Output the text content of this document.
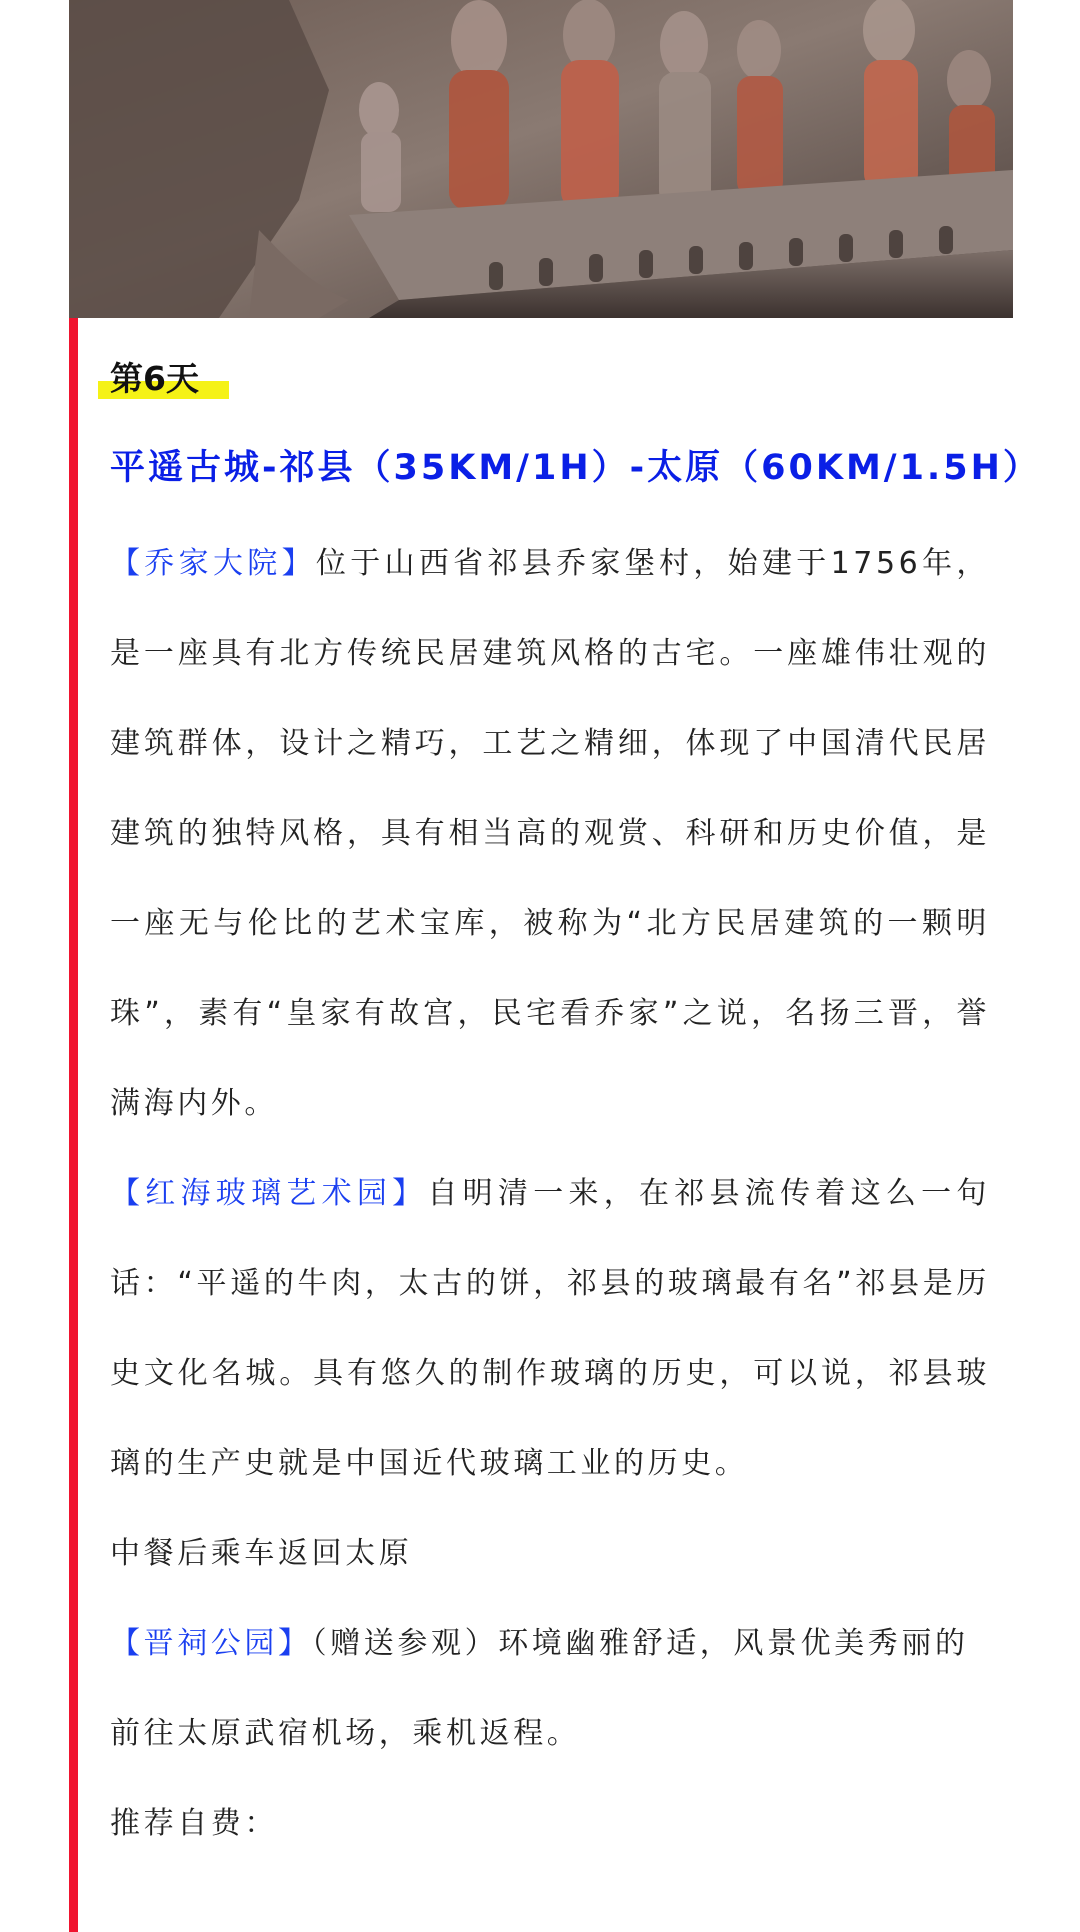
第6天
平遥古城-祁县（35KM/1H）-太原（60KM/1.5H）

【乔家大院】位于山西省祁县乔家堡村，始建于1756年，是一座具有北方传统民居建筑风格的古宅。一座雄伟壮观的建筑群体，设计之精巧，工艺之精细，体现了中国清代民居建筑的独特风格，具有相当高的观赏、科研和历史价值，是一座无与伦比的艺术宝库，被称为“北方民居建筑的一颗明珠”，素有“皇家有故宫，民宅看乔家”之说，名扬三晋，誉满海内外。

【红海玻璃艺术园】自明清一来，在祁县流传着这么一句话：“平遥的牛肉，太古的饼，祁县的玻璃最有名”祁县是历史文化名城。具有悠久的制作玻璃的历史，可以说，祁县玻璃的生产史就是中国近代玻璃工业的历史。

中餐后乘车返回太原

【晋祠公园】（赠送参观）环境幽雅舒适，风景优美秀丽的

前往太原武宿机场，乘机返程。

推荐自费：
